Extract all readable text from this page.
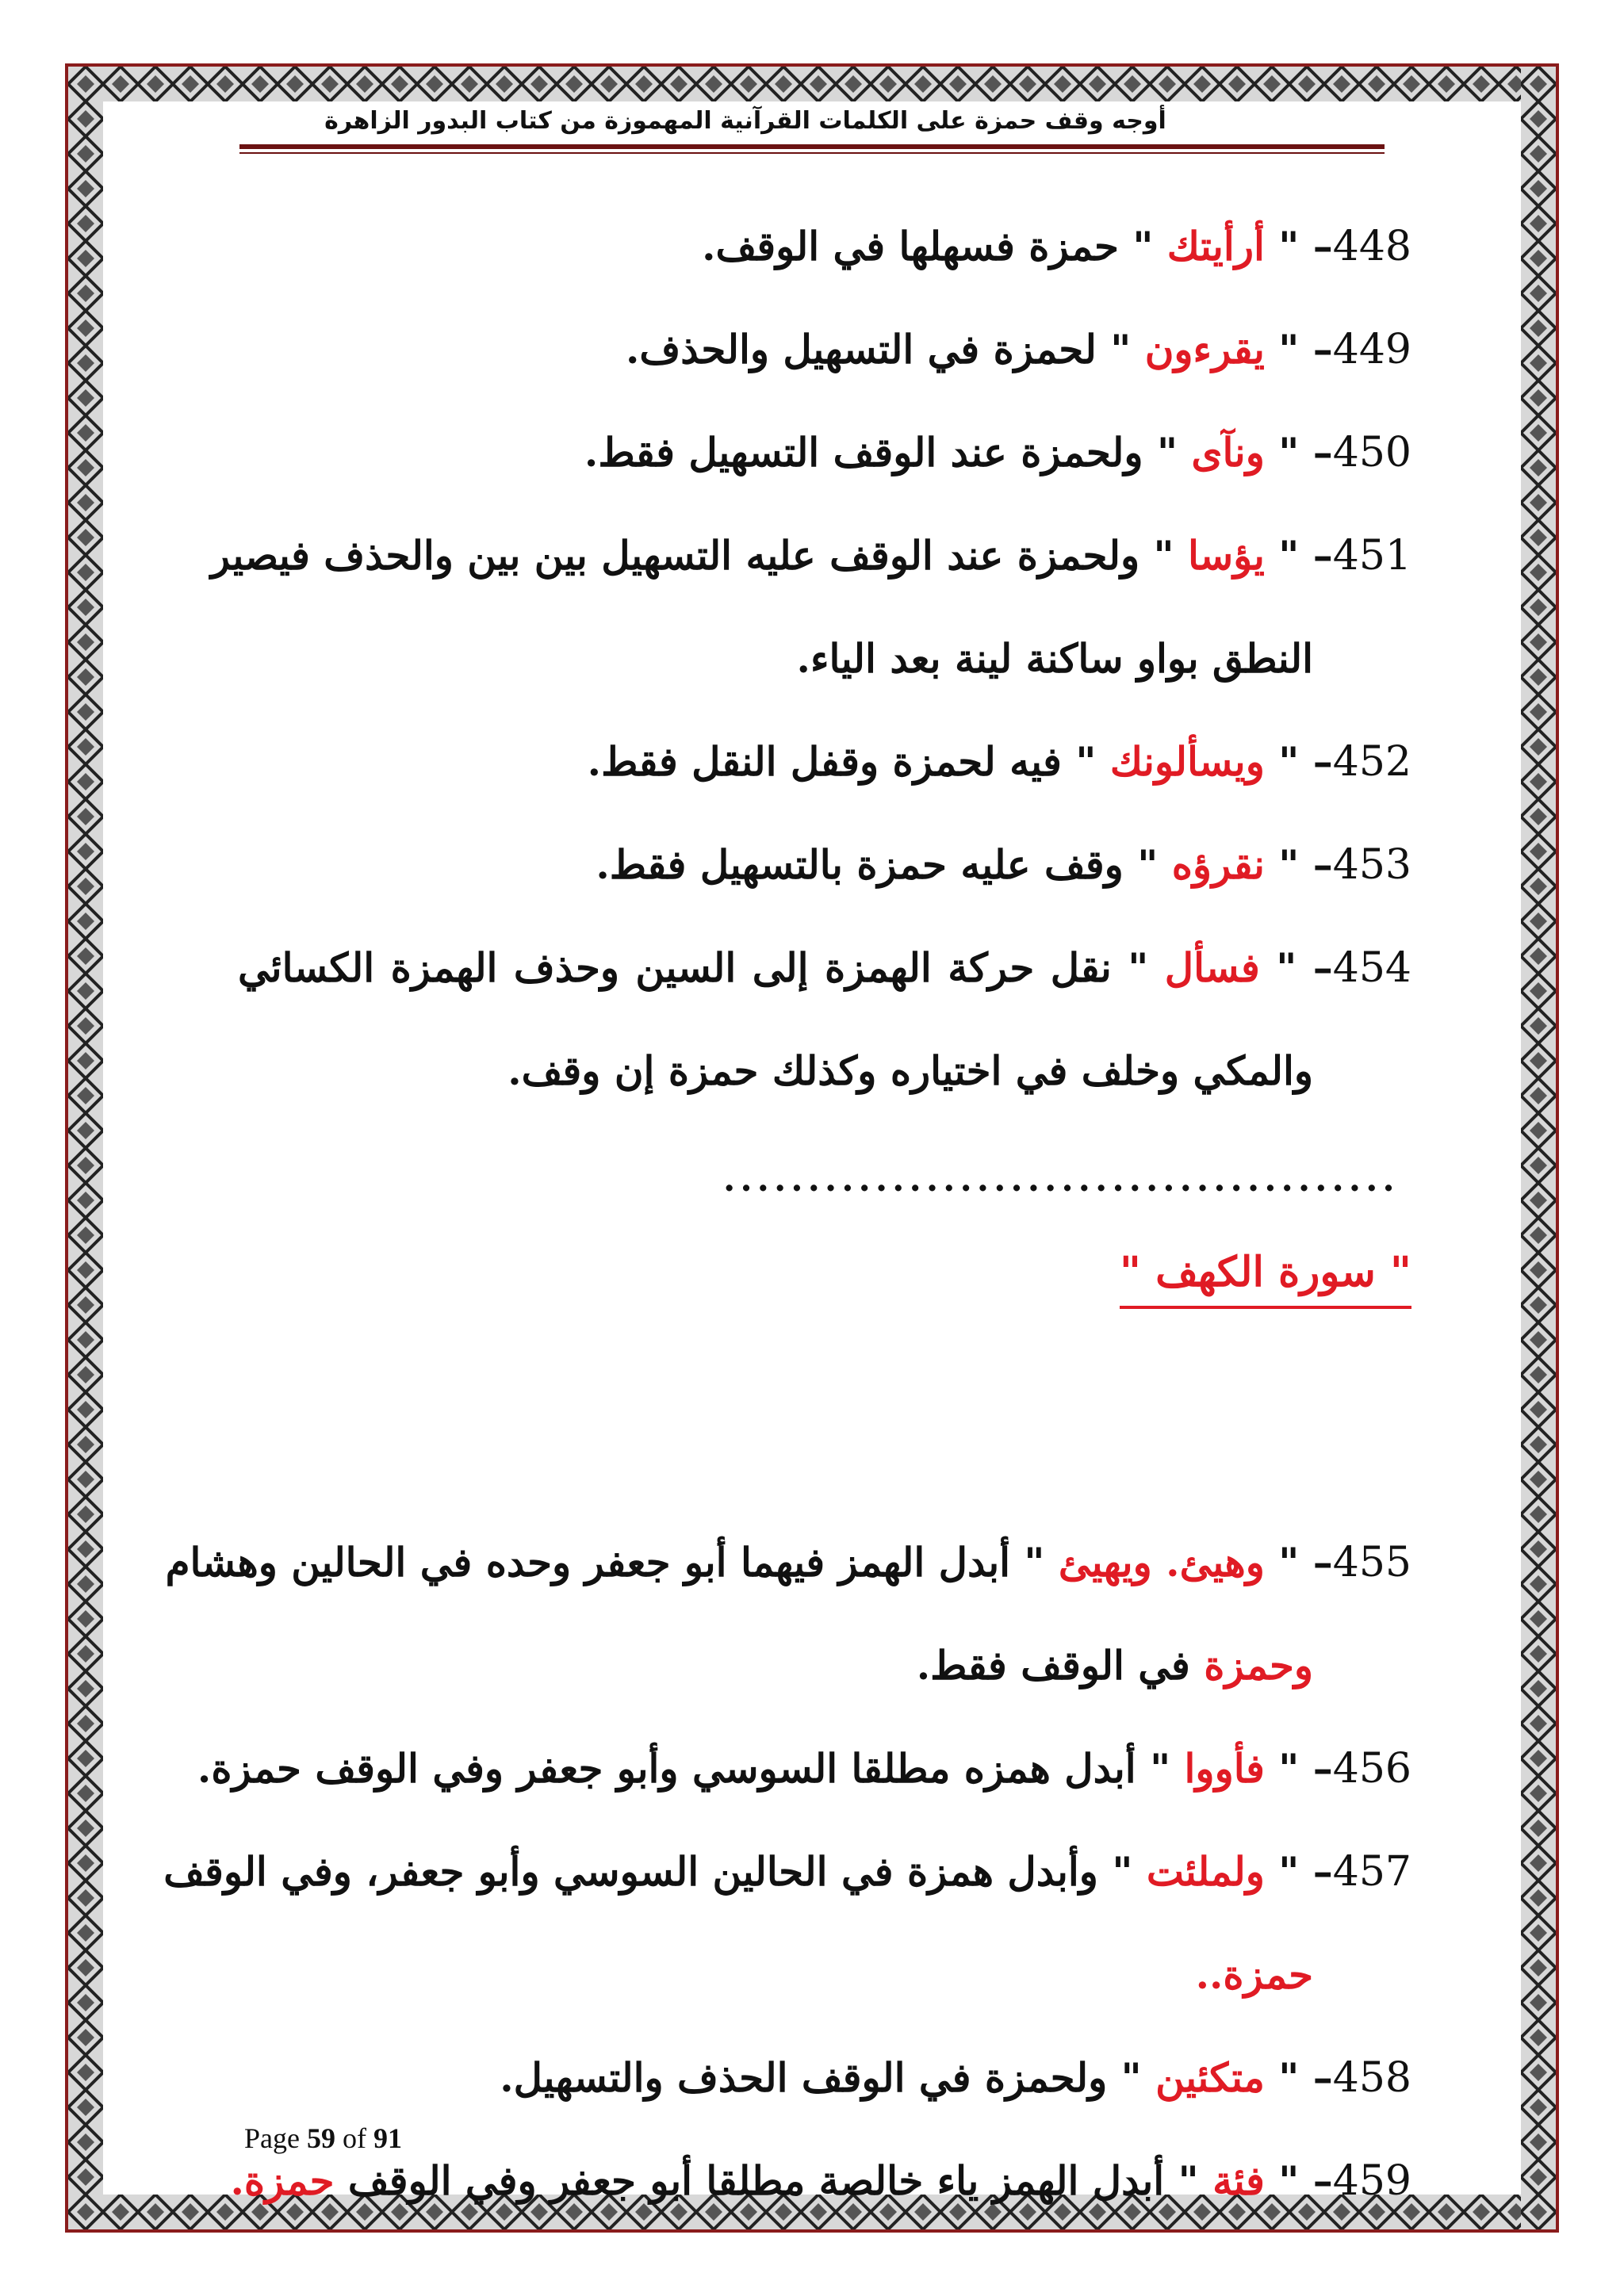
أوجه وقف حمزة على الكلمات القرآنية المهموزة من كتاب البدور الزاهرة
448– " أرأيتك " حمزة فسهلها في الوقف.
449– " يقرءون " لحمزة في التسهيل والحذف.
450– " ونآى " ولحمزة عند الوقف التسهيل فقط.
451– " يؤسا " ولحمزة عند الوقف عليه التسهيل بين بين والحذف فيصير
النطق بواو ساكنة لينة بعد الياء.
452– " ويسألونك " فيه لحمزة وقفل النقل فقط.
453– " نقرؤه " وقف عليه حمزة بالتسهيل فقط.
454– " فسأل " نقل حركة الهمزة إلى السين وحذف الهمزة الكسائي
والمكي وخلف في اختياره وكذلك حمزة إن وقف.
455– " وهيئ. ويهيئ " أبدل الهمز فيهما أبو جعفر وحده في الحالين وهشام
وحمزة في الوقف فقط.
456– " فأووا " أبدل همزه مطلقا السوسي وأبو جعفر وفي الوقف حمزة.
457– " ولملئت " وأبدل همزة في الحالين السوسي وأبو جعفر، وفي الوقف
حمزة..
458– " متكئين " ولحمزة في الوقف الحذف والتسهيل.
459– " فئة " أبدل الهمز ياء خالصة مطلقا أبو جعفر وفي الوقف حمزة.
........................................
" سورة الكهف "
Page 59 of 91
